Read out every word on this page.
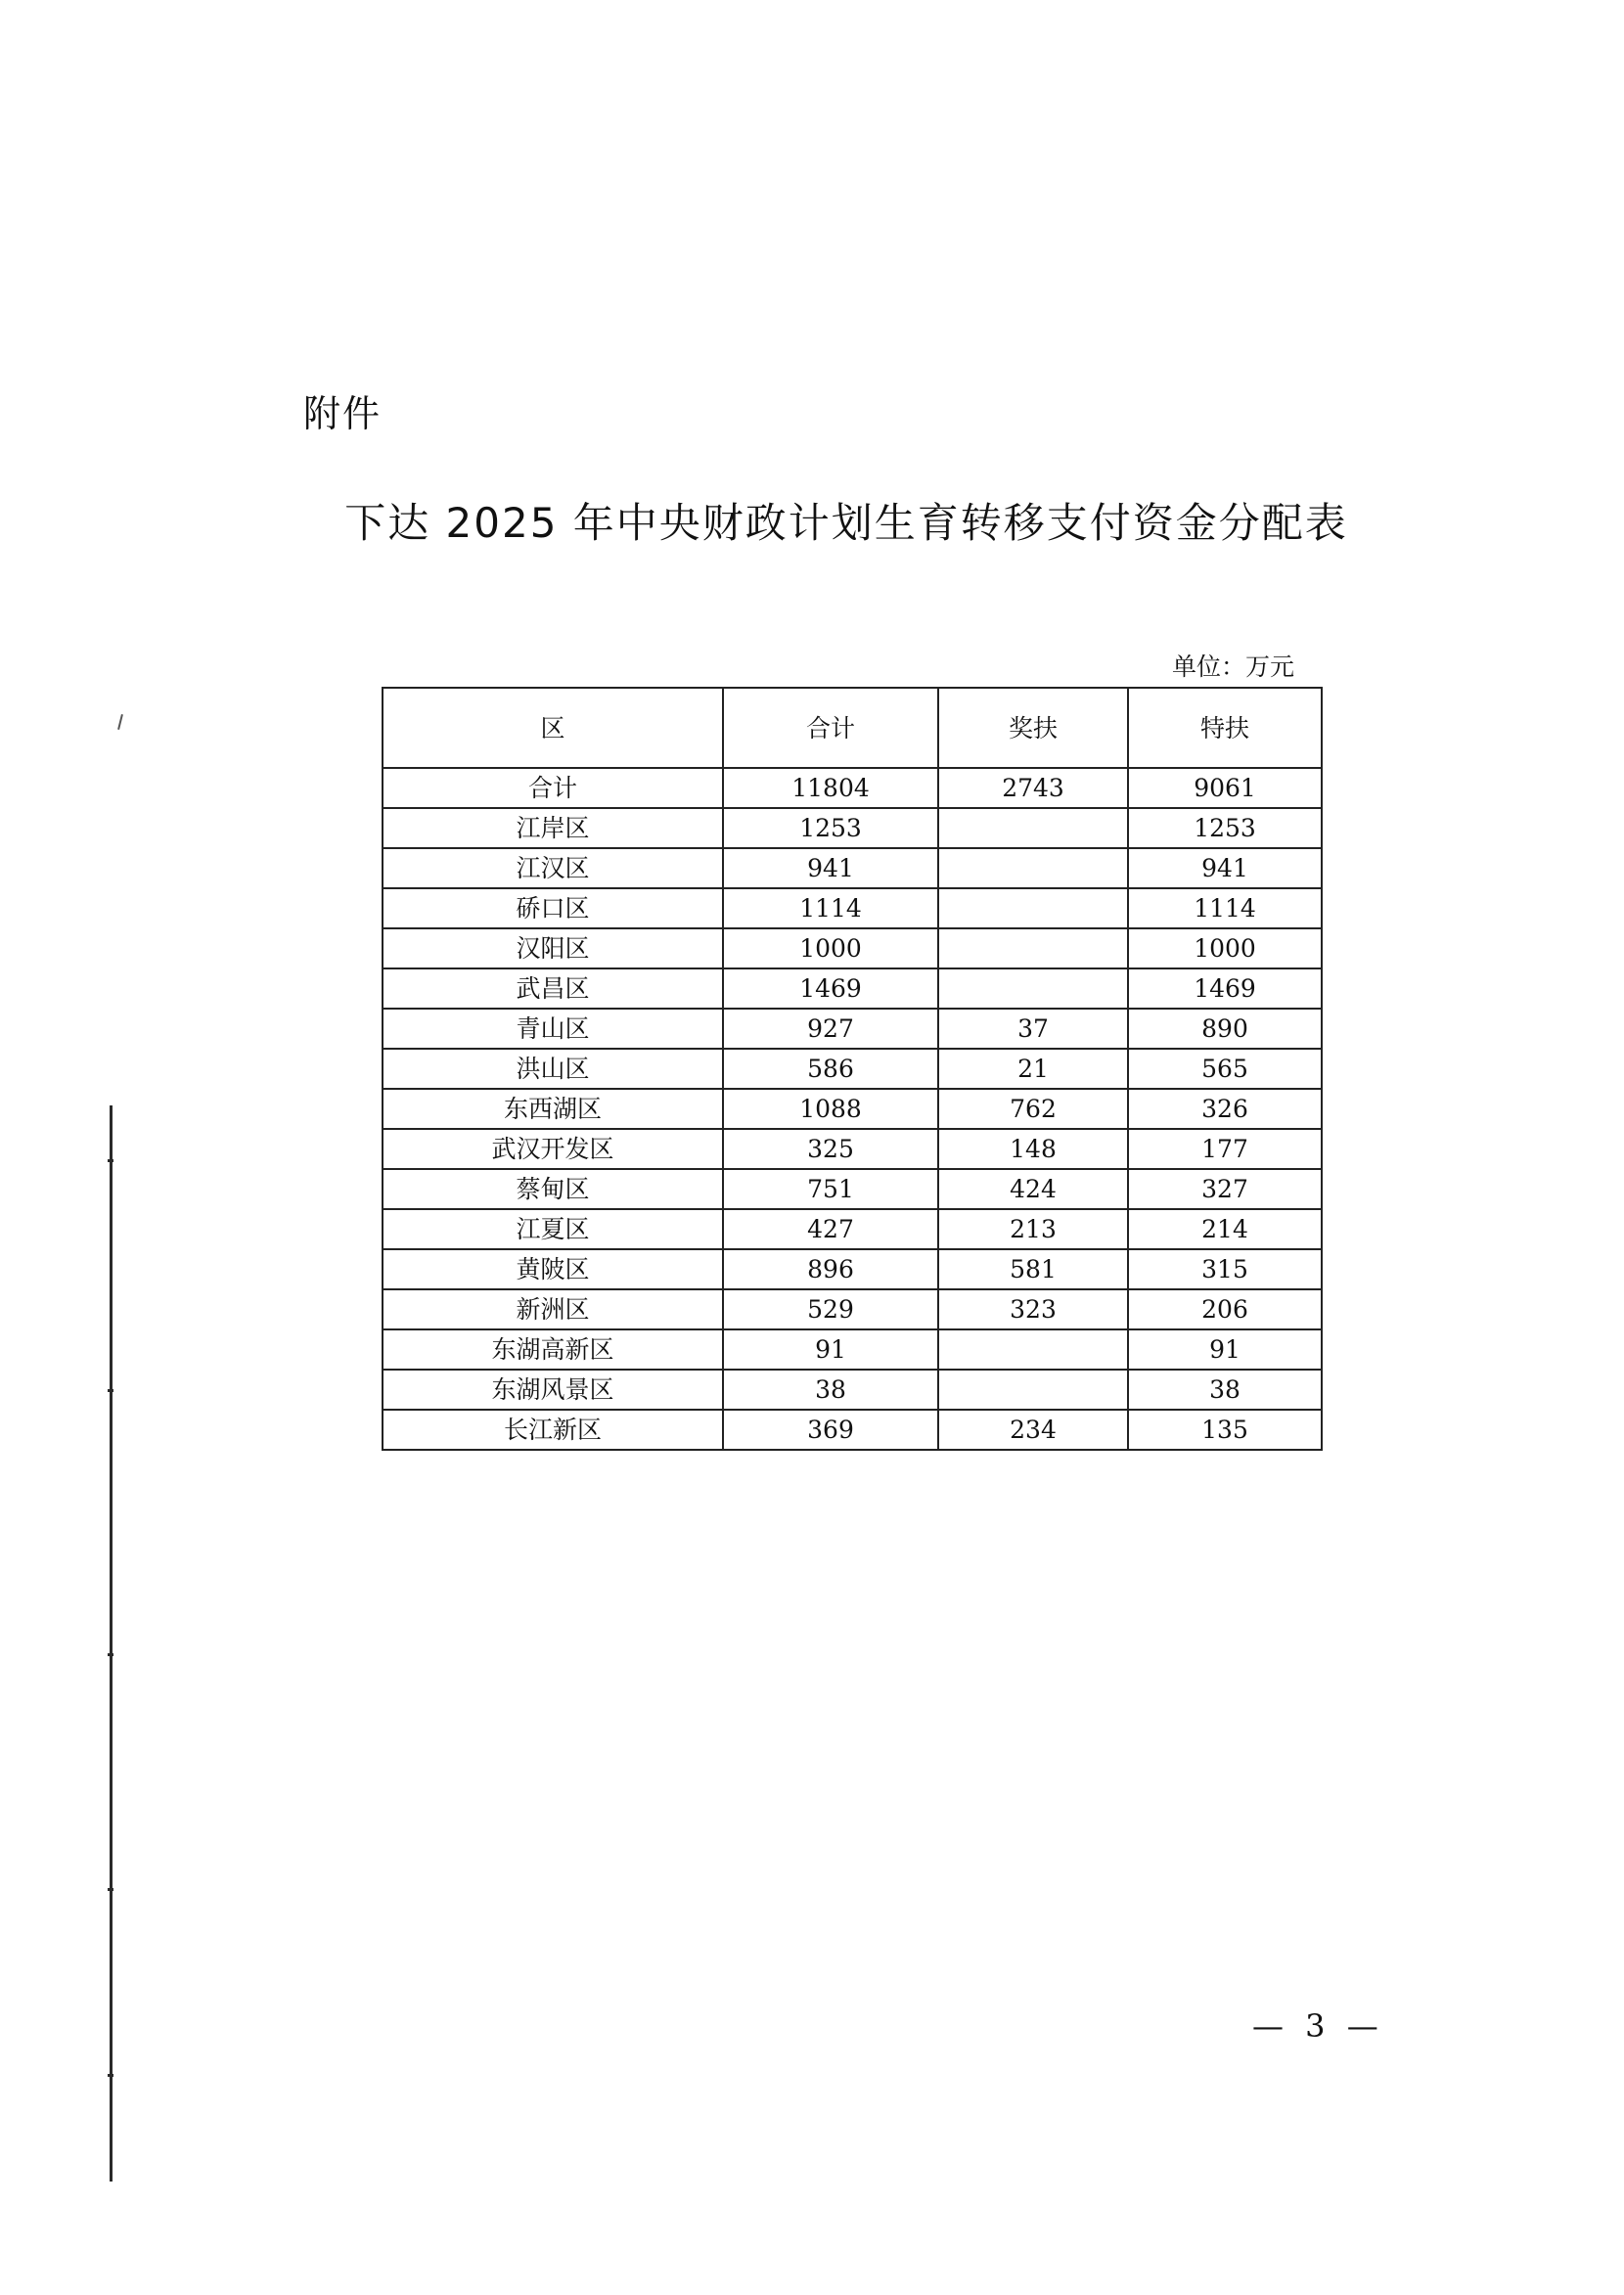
附件
下达 2025 年中央财政计划生育转移支付资金分配表
单位：万元
区	合计	奖扶	特扶
合计	11804	2743	9061
江岸区	1253		1253
江汉区	941		941
硚口区	1114		1114
汉阳区	1000		1000
武昌区	1469		1469
青山区	927	37	890
洪山区	586	21	565
东西湖区	1088	762	326
武汉开发区	325	148	177
蔡甸区	751	424	327
江夏区	427	213	214
黄陂区	896	581	315
新洲区	529	323	206
东湖高新区	91		91
东湖风景区	38		38
长江新区	369	234	135
— 3 —
